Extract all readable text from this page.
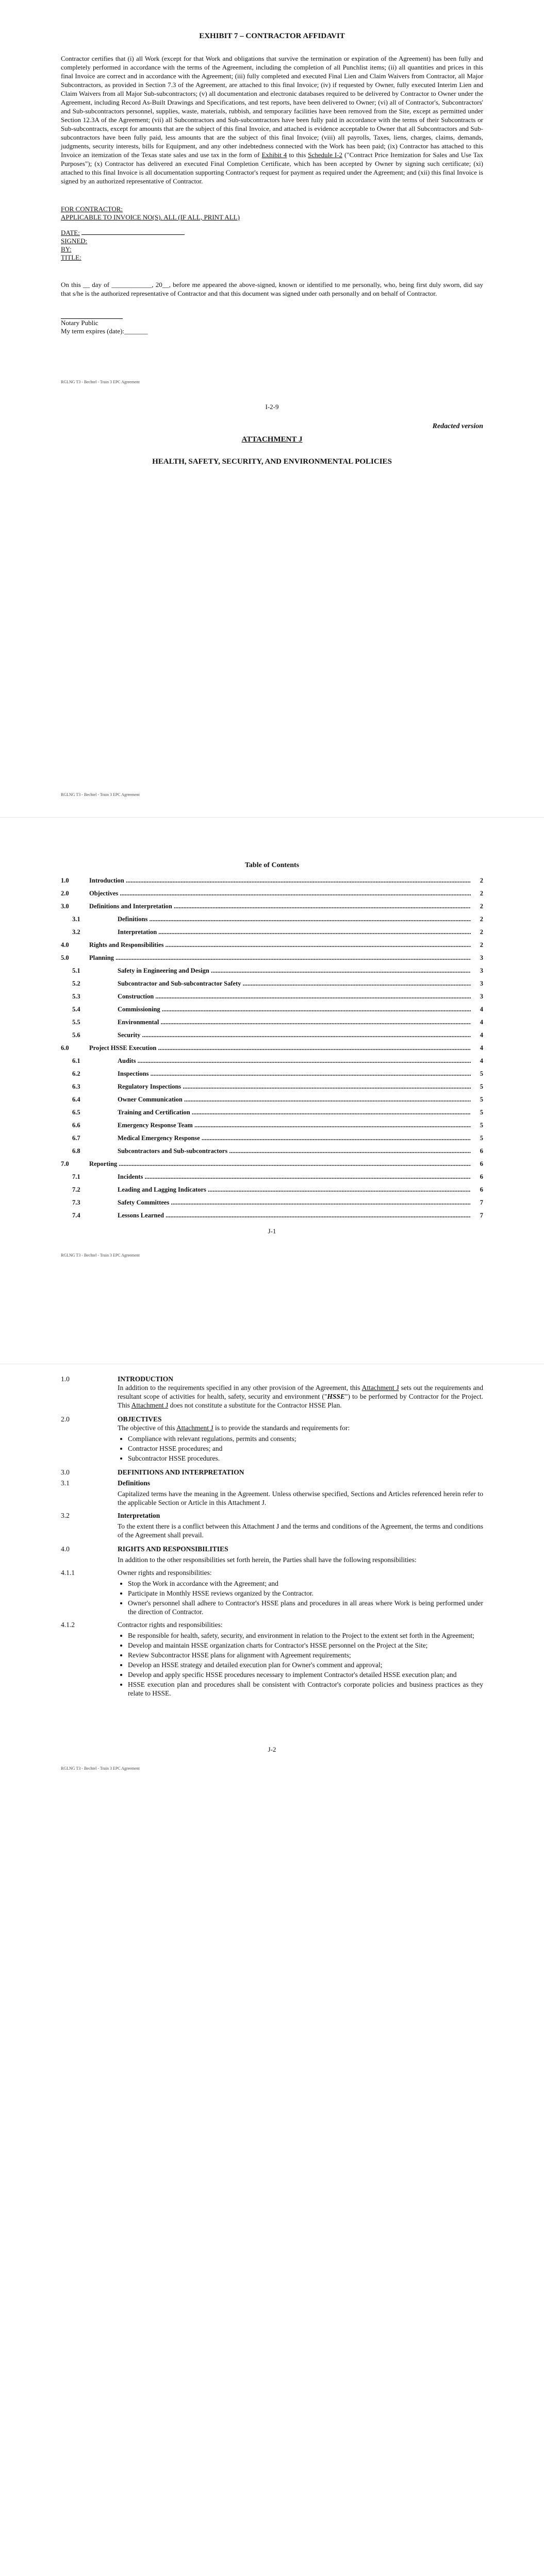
EXHIBIT 7 – CONTRACTOR AFFIDAVIT

Contractor certifies that (i) all Work (except for that Work and obligations that survive the termination or expiration of the Agreement) has been fully and completely performed in accordance with the terms of the Agreement, including the completion of all Punchlist items; (ii) all quantities and prices in this final Invoice are correct and in accordance with the Agreement; (iii) fully completed and executed Final Lien and Claim Waivers from Contractor, all Major Subcontractors, as provided in Section 7.3 of the Agreement, are attached to this final Invoice; (iv) if requested by Owner, fully executed Interim Lien and Claim Waivers from all Major Sub-subcontractors; (v) all documentation and electronic databases required to be delivered by Contractor to Owner under the Agreement, including Record As-Built Drawings and Specifications, and test reports, have been delivered to Owner; (vi) all of Contractor's, Subcontractors' and Sub-subcontractors personnel, supplies, waste, materials, rubbish, and temporary facilities have been removed from the Site, except as permitted under Section 12.3A of the Agreement; (vii) all Subcontractors and Sub-subcontractors have been fully paid in accordance with the terms of their Subcontracts or Sub-subcontracts, except for amounts that are the subject of this final Invoice, and attached is evidence acceptable to Owner that all Subcontractors and Sub-subcontractors have been fully paid, less amounts that are the subject of this final Invoice; (viii) all payrolls, Taxes, liens, charges, claims, demands, judgments, security interests, bills for Equipment, and any other indebtedness connected with the Work has been paid; (ix) Contractor has attached to this Invoice an itemization of the Texas state sales and use tax in the form of Exhibit 4 to this Schedule I-2 ("Contract Price Itemization for Sales and Use Tax Purposes"); (x) Contractor has delivered an executed Final Completion Certificate, which has been accepted by Owner by signing such certificate; (xi) attached to this final Invoice is all documentation supporting Contractor's request for payment as required under the Agreement; and (xii) this final Invoice is signed by an authorized representative of Contractor.

FOR CONTRACTOR:
APPLICABLE TO INVOICE NO(S). ALL (IF ALL, PRINT ALL)
DATE:
SIGNED:
BY:
TITLE:

On this __ day of ____________, 20__, before me appeared the above-signed, known or identified to me personally, who, being first duly sworn, did say that s/he is the authorized representative of Contractor and that this document was signed under oath personally and on behalf of Contractor.

Notary Public
My term expires (date):_______
RGLNG T3 - Bechtel - Train 3 EPC Agreement
I-2-9
Redacted version
ATTACHMENT J
HEALTH, SAFETY, SECURITY, AND ENVIRONMENTAL POLICIES
RGLNG T3 - Bechtel - Train 3 EPC Agreement
Table of Contents
1.0	Introduction .....	2
2.0	Objectives .....	2
3.0	Definitions and Interpretation .....	2
3.1	Definitions .....	2
3.2	Interpretation .....	2
4.0	Rights and Responsibilities .....	2
5.0	Planning .....	3
5.1	Safety in Engineering and Design .....	3
5.2	Subcontractor and Sub-subcontractor Safety .....	3
5.3	Construction .....	3
5.4	Commissioning .....	4
5.5	Environmental .....	4
5.6	Security .....	4
6.0	Project HSSE Execution .....	4
6.1	Audits .....	4
6.2	Inspections .....	5
6.3	Regulatory Inspections .....	5
6.4	Owner Communication .....	5
6.5	Training and Certification .....	5
6.6	Emergency Response Team .....	5
6.7	Medical Emergency Response .....	5
6.8	Subcontractors and Sub-subcontractors .....	6
7.0	Reporting .....	6
7.1	Incidents .....	6
7.2	Leading and Lagging Indicators .....	6
7.3	Safety Committees .....	7
7.4	Lessons Learned .....	7
J-1
RGLNG T3 - Bechtel - Train 3 EPC Agreement
1.0	INTRODUCTION
In addition to the requirements specified in any other provision of the Agreement, this Attachment J sets out the requirements and resultant scope of activities for health, safety, security and environment ("HSSE") to be performed by Contractor for the Project. This Attachment J does not constitute a substitute for the Contractor HSSE Plan.
2.0	OBJECTIVES
The objective of this Attachment J is to provide the standards and requirements for:
• Compliance with relevant regulations, permits and consents;
• Contractor HSSE procedures; and
• Subcontractor HSSE procedures.
3.0	DEFINITIONS AND INTERPRETATION
3.1	Definitions
Capitalized terms have the meaning in the Agreement. Unless otherwise specified, Sections and Articles referenced herein refer to the applicable Section or Article in this Attachment J.
3.2	Interpretation
To the extent there is a conflict between this Attachment J and the terms and conditions of the Agreement, the terms and conditions of the Agreement shall prevail.
4.0	RIGHTS AND RESPONSIBILITIES
In addition to the other responsibilities set forth herein, the Parties shall have the following responsibilities:
4.1.1	Owner rights and responsibilities:
• Stop the Work in accordance with the Agreement; and
• Participate in Monthly HSSE reviews organized by the Contractor.
• Owner's personnel shall adhere to Contractor's HSSE plans and procedures in all areas where Work is being performed under the direction of Contractor.
4.1.2	Contractor rights and responsibilities:
• Be responsible for health, safety, security, and environment in relation to the Project to the extent set forth in the Agreement;
• Develop and maintain HSSE organization charts for Contractor's HSSE personnel on the Project at the Site;
• Review Subcontractor HSSE plans for alignment with Agreement requirements;
• Develop an HSSE strategy and detailed execution plan for Owner's comment and approval;
• Develop and apply specific HSSE procedures necessary to implement Contractor's detailed HSSE execution plan; and
• HSSE execution plan and procedures shall be consistent with Contractor's corporate policies and business practices as they relate to HSSE.
J-2
RGLNG T3 - Bechtel - Train 3 EPC Agreement
